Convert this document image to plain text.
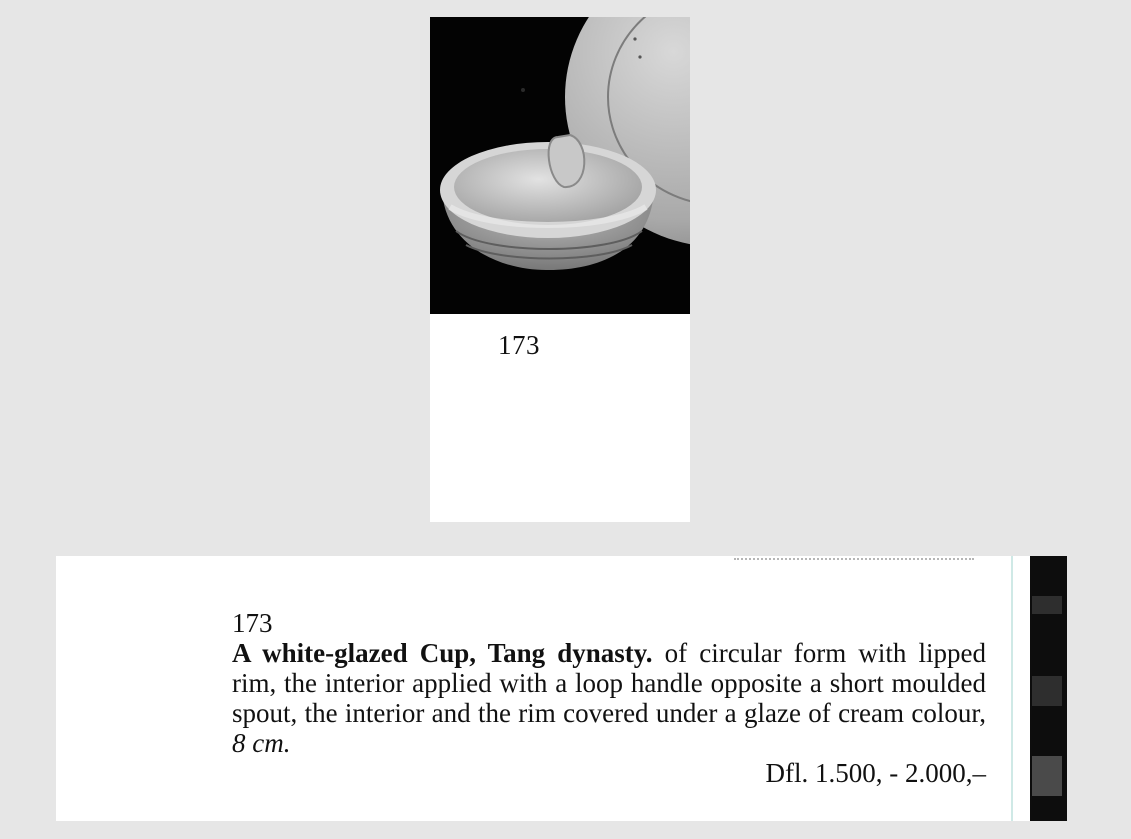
173
173
A white-glazed Cup, Tang dynasty. of circular form with lipped rim, the interior applied with a loop handle opposite a short moulded spout, the interior and the rim covered under a glaze of cream colour, 8 cm.
Dfl. 1.500, - 2.000,–
